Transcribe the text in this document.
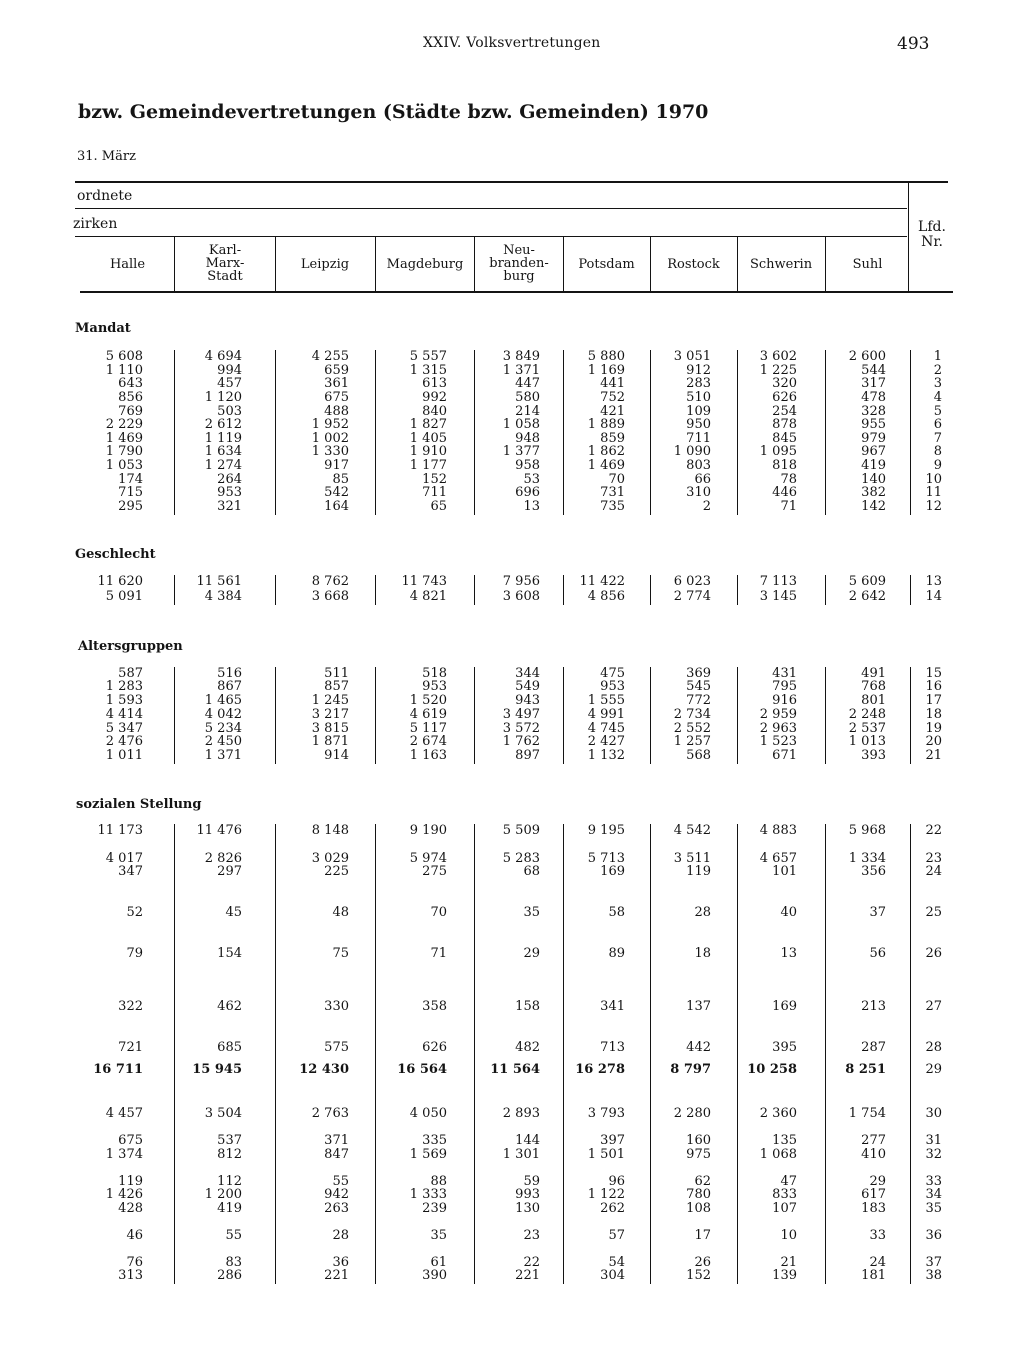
XXIV. Volksvertretungen	493
bzw. Gemeindevertretungen (Städte bzw. Gemeinden) 1970
31. März
ordnete
zirken	Lfd.
Nr.
Halle
Karl-
Marx-
Stadt
Leipzig	Magdeburg
Neu-
branden-
burg
Potsdam	Rostock	Schwerin	Suhl
Mandat
Geschlecht
Altersgruppen
sozialen Stellung
5 608	4 694	4 255	5 557	3 849	5 880	3 051	3 602	2 600	1
1 110	994	659	1 315	1 371	1 169	912	1 225	544	2
643	457	361	613	447	441	283	320	317	3
856	1 120	675	992	580	752	510	626	478	4
769	503	488	840	214	421	109	254	328	5
2 229	2 612	1 952	1 827	1 058	1 889	950	878	955	6
1 469	1 119	1 002	1 405	948	859	711	845	979	7
1 790	1 634	1 330	1 910	1 377	1 862	1 090	1 095	967	8
1 053	1 274	917	1 177	958	1 469	803	818	419	9
174	264	85	152	53	70	66	78	140	10
715	953	542	711	696	731	310	446	382	11
295	321	164	65	13	735	2	71	142	12
11 620	11 561	8 762	11 743	7 956	11 422	6 023	7 113	5 609	13
5 091	4 384	3 668	4 821	3 608	4 856	2 774	3 145	2 642	14
587	516	511	518	344	475	369	431	491	15
1 283	867	857	953	549	953	545	795	768	16
1 593	1 465	1 245	1 520	943	1 555	772	916	801	17
4 414	4 042	3 217	4 619	3 497	4 991	2 734	2 959	2 248	18
5 347	5 234	3 815	5 117	3 572	4 745	2 552	2 963	2 537	19
2 476	2 450	1 871	2 674	1 762	2 427	1 257	1 523	1 013	20
1 011	1 371	914	1 163	897	1 132	568	671	393	21
11 173	11 476	8 148	9 190	5 509	9 195	4 542	4 883	5 968	22
4 017	2 826	3 029	5 974	5 283	5 713	3 511	4 657	1 334	23
347	297	225	275	68	169	119	101	356	24
52	45	48	70	35	58	28	40	37	25
79	154	75	71	29	89	18	13	56	26
322	462	330	358	158	341	137	169	213	27
721	685	575	626	482	713	442	395	287	28
16 711	15 945	12 430	16 564	11 564	16 278	8 797	10 258	8 251	29
4 457	3 504	2 763	4 050	2 893	3 793	2 280	2 360	1 754	30
675	537	371	335	144	397	160	135	277	31
1 374	812	847	1 569	1 301	1 501	975	1 068	410	32
119	112	55	88	59	96	62	47	29	33
1 426	1 200	942	1 333	993	1 122	780	833	617	34
428	419	263	239	130	262	108	107	183	35
46	55	28	35	23	57	17	10	33	36
76	83	36	61	22	54	26	21	24	37
313	286	221	390	221	304	152	139	181	38
